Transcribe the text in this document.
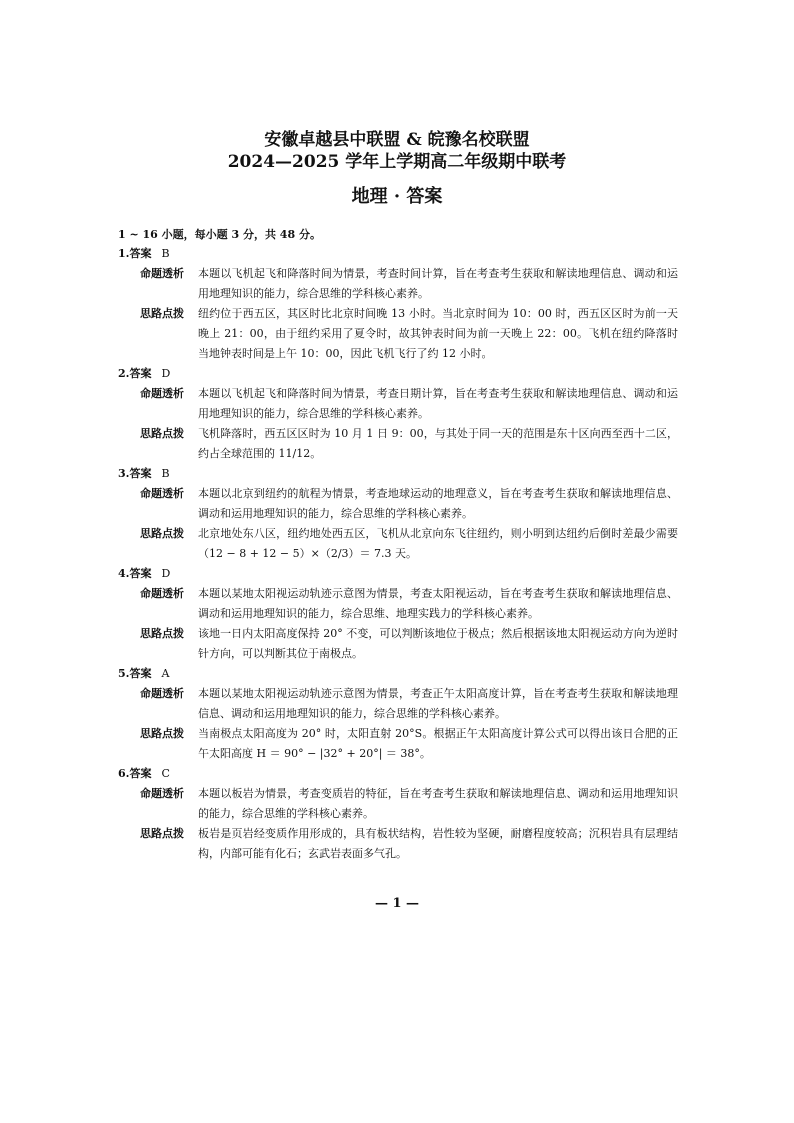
安徽卓越县中联盟 & 皖豫名校联盟
2024—2025 学年上学期高二年级期中联考
地理 · 答案
1 ~ 16 小题，每小题 3 分，共 48 分。
1.答案 B
命题透析	本题以飞机起飞和降落时间为情景，考查时间计算，旨在考查考生获取和解读地理信息、调动和运用地理知识的能力，综合思维的学科核心素养。
思路点拨	纽约位于西五区，其区时比北京时间晚 13 小时。当北京时间为 10：00 时，西五区区时为前一天晚上 21：00，由于纽约采用了夏令时，故其钟表时间为前一天晚上 22：00。飞机在纽约降落时当地钟表时间是上午 10：00，因此飞机飞行了约 12 小时。
2.答案 D
命题透析	本题以飞机起飞和降落时间为情景，考查日期计算，旨在考查考生获取和解读地理信息、调动和运用地理知识的能力，综合思维的学科核心素养。
思路点拨	飞机降落时，西五区区时为 10 月 1 日 9：00，与其处于同一天的范围是东十区向西至西十二区，约占全球范围的 11/12。
3.答案 B
命题透析	本题以北京到纽约的航程为情景，考查地球运动的地理意义，旨在考查考生获取和解读地理信息、调动和运用地理知识的能力，综合思维的学科核心素养。
思路点拨	北京地处东八区，纽约地处西五区，飞机从北京向东飞往纽约，则小明到达纽约后倒时差最少需要（12 − 8 + 12 − 5）×（2/3）＝ 7.3 天。
4.答案 D
命题透析	本题以某地太阳视运动轨迹示意图为情景，考查太阳视运动，旨在考查考生获取和解读地理信息、调动和运用地理知识的能力，综合思维、地理实践力的学科核心素养。
思路点拨	该地一日内太阳高度保持 20° 不变，可以判断该地位于极点；然后根据该地太阳视运动方向为逆时针方向，可以判断其位于南极点。
5.答案 A
命题透析	本题以某地太阳视运动轨迹示意图为情景，考查正午太阳高度计算，旨在考查考生获取和解读地理信息、调动和运用地理知识的能力，综合思维的学科核心素养。
思路点拨	当南极点太阳高度为 20° 时，太阳直射 20°S。根据正午太阳高度计算公式可以得出该日合肥的正午太阳高度 H ＝ 90° − |32° + 20°| ＝ 38°。
6.答案 C
命题透析	本题以板岩为情景，考查变质岩的特征，旨在考查考生获取和解读地理信息、调动和运用地理知识的能力，综合思维的学科核心素养。
思路点拨	板岩是页岩经变质作用形成的，具有板状结构，岩性较为坚硬，耐磨程度较高；沉积岩具有层理结构，内部可能有化石；玄武岩表面多气孔。
— 1 —
